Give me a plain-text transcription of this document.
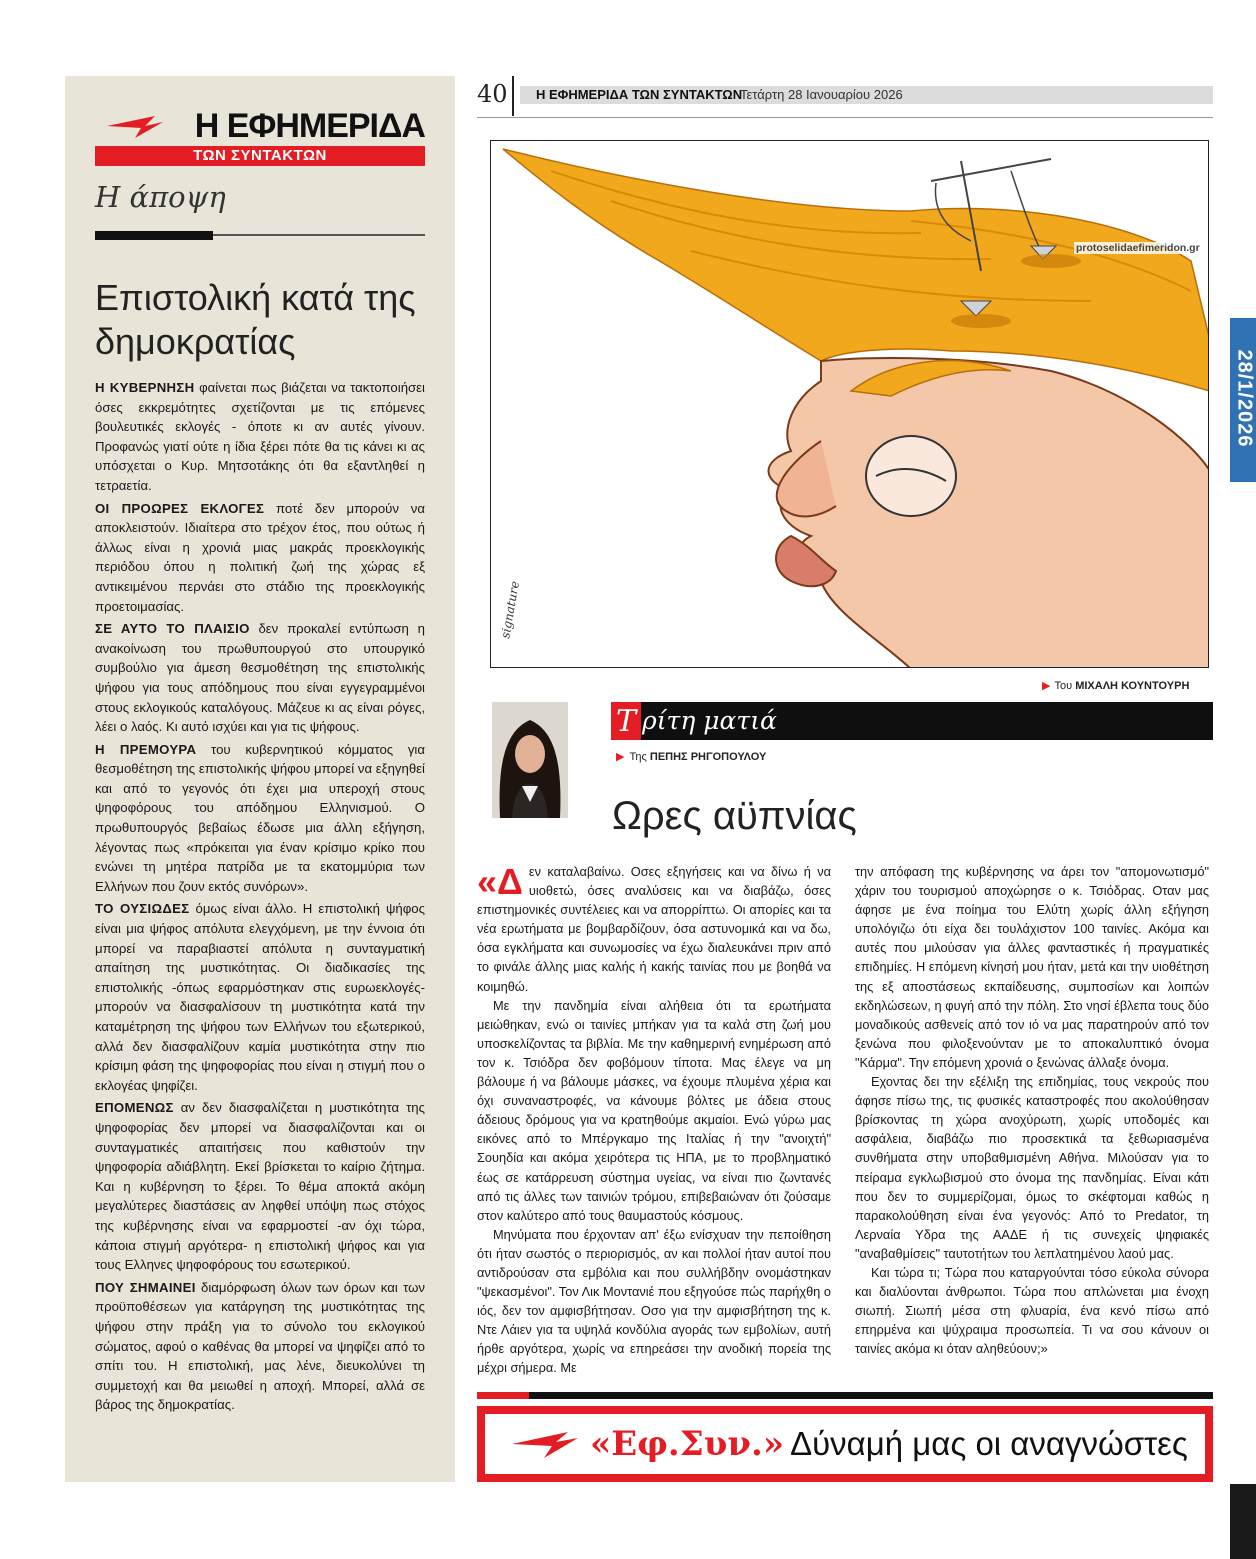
Η ΕΦΗΜΕΡΙΔΑ
ΤΩΝ ΣΥΝΤΑΚΤΩΝ
Η άποψη
Επιστολική κατά της δημοκρατίας

Η ΚΥΒΕΡΝΗΣΗ φαίνεται πως βιάζεται να τακτοποιήσει όσες εκκρεμότητες σχετίζονται με τις επόμενες βουλευτικές εκλογές - όποτε κι αν αυτές γίνουν. Προφανώς γιατί ούτε η ίδια ξέρει πότε θα τις κάνει κι ας υπόσχεται ο Κυρ. Μητσοτάκης ότι θα εξαντληθεί η τετραετία.

ΟΙ ΠΡΟΩΡΕΣ ΕΚΛΟΓΕΣ ποτέ δεν μπορούν να αποκλειστούν. Ιδιαίτερα στο τρέχον έτος, που ούτως ή άλλως είναι η χρονιά μιας μακράς προεκλογικής περιόδου όπου η πολιτική ζωή της χώρας εξ αντικειμένου περνάει στο στάδιο της προεκλογικής προετοιμασίας.

ΣΕ ΑΥΤΟ ΤΟ ΠΛΑΙΣΙΟ δεν προκαλεί εντύπωση η ανακοίνωση του πρωθυπουργού στο υπουργικό συμβούλιο για άμεση θεσμοθέτηση της επιστολικής ψήφου για τους απόδημους που είναι εγγεγραμμένοι στους εκλογικούς καταλόγους. Μάζευε κι ας είναι ρόγες, λέει ο λαός. Κι αυτό ισχύει και για τις ψήφους.

Η ΠΡΕΜΟΥΡΑ του κυβερνητικού κόμματος για θεσμοθέτηση της επιστολικής ψήφου μπορεί να εξηγηθεί και από το γεγονός ότι έχει μια υπεροχή στους ψηφοφόρους του απόδημου Ελληνισμού. Ο πρωθυπουργός βεβαίως έδωσε μια άλλη εξήγηση, λέγοντας πως «πρόκειται για έναν κρίσιμο κρίκο που ενώνει τη μητέρα πατρίδα με τα εκατομμύρια των Ελλήνων που ζουν εκτός συνόρων».

ΤΟ ΟΥΣΙΩΔΕΣ όμως είναι άλλο. Η επιστολική ψήφος είναι μια ψήφος απόλυτα ελεγχόμενη, με την έννοια ότι μπορεί να παραβιαστεί απόλυτα η συνταγματική απαίτηση της μυστικότητας. Οι διαδικασίες της επιστολικής -όπως εφαρμόστηκαν στις ευρωεκλογές- μπορούν να διασφαλίσουν τη μυστικότητα κατά την καταμέτρηση της ψήφου των Ελλήνων του εξωτερικού, αλλά δεν διασφαλίζουν καμία μυστικότητα στην πιο κρίσιμη φάση της ψηφοφορίας που είναι η στιγμή που ο εκλογέας ψηφίζει.

ΕΠΟΜΕΝΩΣ αν δεν διασφαλίζεται η μυστικότητα της ψηφοφορίας δεν μπορεί να διασφαλίζονται και οι συνταγματικές απαιτήσεις που καθιστούν την ψηφοφορία αδιάβλητη. Εκεί βρίσκεται το καίριο ζήτημα. Και η κυβέρνηση το ξέρει. Το θέμα αποκτά ακόμη μεγαλύτερες διαστάσεις αν ληφθεί υπόψη πως στόχος της κυβέρνησης είναι να εφαρμοστεί -αν όχι τώρα, κάποια στιγμή αργότερα- η επιστολική ψήφος και για τους Ελληνες ψηφοφόρους του εσωτερικού.

ΠΟΥ ΣΗΜΑΙΝΕΙ διαμόρφωση όλων των όρων και των προϋποθέσεων για κατάργηση της μυστικότητας της ψήφου στην πράξη για το σύνολο του εκλογικού σώματος, αφού ο καθένας θα μπορεί να ψηφίζει από το σπίτι του. Η επιστολική, μας λένε, διευκολύνει τη συμμετοχή και θα μειωθεί η αποχή. Μπορεί, αλλά σε βάρος της δημοκρατίας.

40 Η ΕΦΗΜΕΡΙΔΑ ΤΩΝ ΣΥΝΤΑΚΤΩΝ
Τετάρτη 28 Ιανουαρίου 2026
signature
protoselidaefimeridon.gr
▶ Του ΜΙΧΑΛΗ ΚΟΥΝΤΟΥΡΗ
28/1/2026
Τ ρίτη ματιά
▶ Της ΠΕΠΗΣ ΡΗΓΟΠΟΥΛΟΥ
Ωρες αϋπνίας

«Δεν καταλαβαίνω. Οσες εξηγήσεις και να δίνω ή να υιοθετώ, όσες αναλύσεις και να διαβάζω, όσες επιστημονικές συντέλειες και να απορρίπτω. Οι απορίες και τα νέα ερωτήματα με βομβαρδίζουν, όσα αστυνομικά και να δω, όσα εγκλήματα και συνωμοσίες να έχω διαλευκάνει πριν από το φινάλε άλλης μιας καλής ή κακής ταινίας που με βοηθά να κοιμηθώ.

Με την πανδημία είναι αλήθεια ότι τα ερωτήματα μειώθηκαν, ενώ οι ταινίες μπήκαν για τα καλά στη ζωή μου υποσκελίζοντας τα βιβλία. Με την καθημερινή ενημέρωση από τον κ. Τσιόδρα δεν φοβόμουν τίποτα. Μας έλεγε να μη βάλουμε ή να βάλουμε μάσκες, να έχουμε πλυμένα χέρια και όχι συναναστροφές, να κάνουμε βόλτες με άδεια στους άδειους δρόμους για να κρατηθούμε ακμαίοι. Ενώ γύρω μας εικόνες από το Μπέργκαμο της Ιταλίας ή την "ανοιχτή" Σουηδία και ακόμα χειρότερα τις ΗΠΑ, με το προβληματικό έως σε κατάρρευση σύστημα υγείας, να είναι πιο ζωντανές από τις άλλες των ταινιών τρόμου, επιβεβαιώναν ότι ζούσαμε στον καλύτερο από τους θαυμαστούς κόσμους.

Μηνύματα που έρχονταν απ' έξω ενίσχυαν την πεποίθηση ότι ήταν σωστός ο περιορισμός, αν και πολλοί ήταν αυτοί που αντιδρούσαν στα εμβόλια και που συλλήβδην ονομάστηκαν "ψεκασμένοι". Τον Λικ Μοντανιέ που εξηγούσε πώς παρήχθη ο ιός, δεν τον αμφισβήτησαν. Οσο για την αμφισβήτηση της κ. Ντε Λάιεν για τα υψηλά κονδύλια αγοράς των εμβολίων, αυτή ήρθε αργότερα, χωρίς να επηρεάσει την ανοδική πορεία της μέχρι σήμερα. Με

την απόφαση της κυβέρνησης να άρει τον "απομονωτισμό" χάριν του τουρισμού αποχώρησε ο κ. Τσιόδρας. Οταν μας άφησε με ένα ποίημα του Ελύτη χωρίς άλλη εξήγηση υπολόγιζω ότι είχα δει τουλάχιστον 100 ταινίες. Ακόμα και αυτές που μιλούσαν για άλλες φανταστικές ή πραγματικές επιδημίες. Η επόμενη κίνησή μου ήταν, μετά και την υιοθέτηση της εξ αποστάσεως εκπαίδευσης, συμποσίων και λοιπών εκδηλώσεων, η φυγή από την πόλη. Στο νησί έβλεπα τους δύο μοναδικούς ασθενείς από τον ιό να μας παρατηρούν από τον ξενώνα που φιλοξενούνταν με το αποκαλυπτικό όνομα "Κάρμα". Την επόμενη χρονιά ο ξενώνας άλλαξε όνομα.

Εχοντας δει την εξέλιξη της επιδημίας, τους νεκρούς που άφησε πίσω της, τις φυσικές καταστροφές που ακολούθησαν βρίσκοντας τη χώρα ανοχύρωτη, χωρίς υποδομές και ασφάλεια, διαβάζω πιο προσεκτικά τα ξεθωριασμένα συνθήματα στην υποβαθμισμένη Αθήνα. Μιλούσαν για το πείραμα εγκλωβισμού στο όνομα της πανδημίας. Είναι κάτι που δεν το συμμερίζομαι, όμως το σκέφτομαι καθώς η παρακολούθηση είναι ένα γεγονός: Από το Predator, τη Λερναία Υδρα της ΑΑΔΕ ή τις συνεχείς ψηφιακές "αναβαθμίσεις" ταυτοτήτων του λεπλατημένου λαού μας.

Και τώρα τι; Τώρα που καταργούνται τόσο εύκολα σύνορα και διαλύονται άνθρωποι. Τώρα που απλώνεται μια ένοχη σιωπή. Σιωπή μέσα στη φλυαρία, ένα κενό πίσω από επηρμένα και ψύχραιμα προσωπεία. Τι να σου κάνουν οι ταινίες ακόμα κι όταν αληθεύουν;»

«Εφ.Συν.» Δύναμή μας οι αναγνώστες
